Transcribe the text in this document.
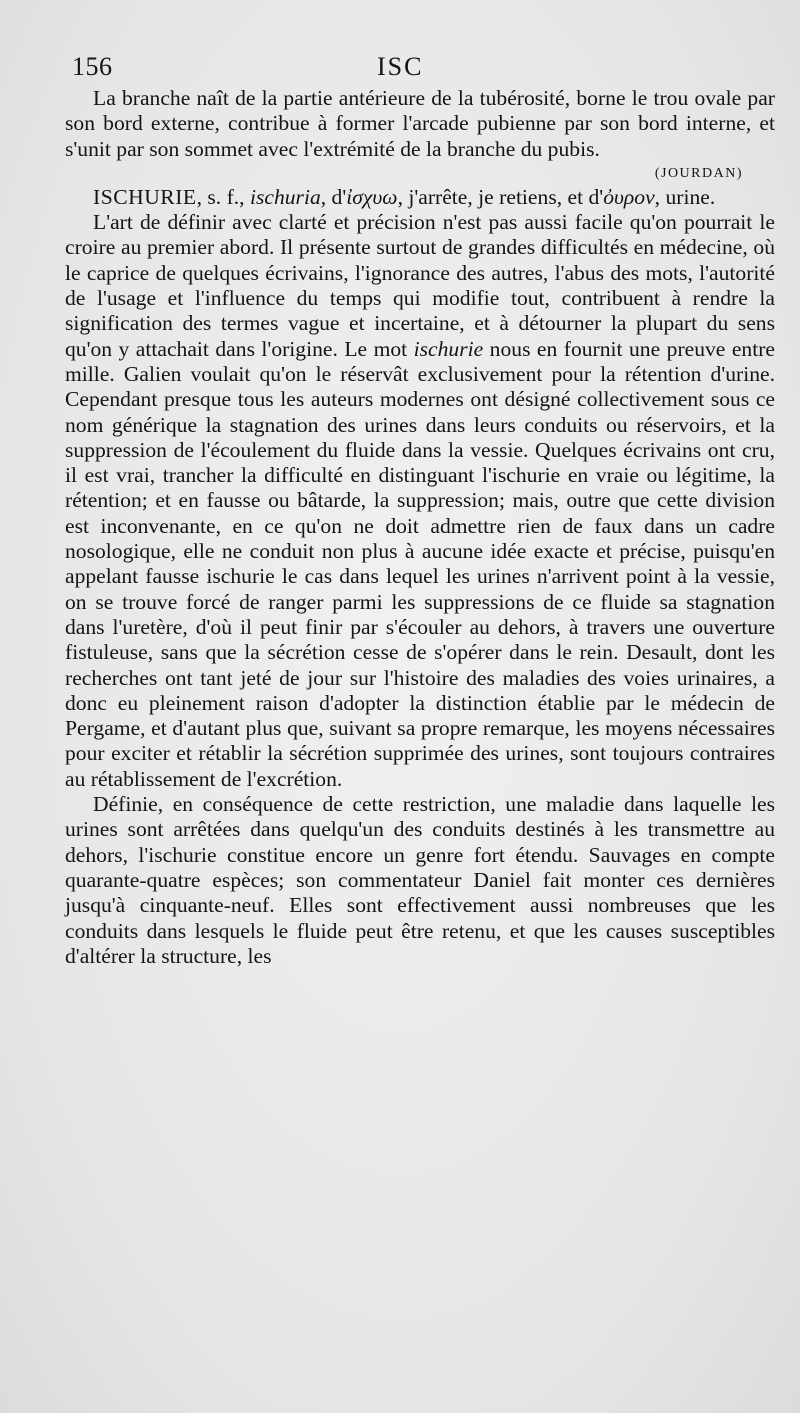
156	ISC

La branche naît de la partie antérieure de la tubérosité, borne le trou ovale par son bord externe, contribue à former l'arcade pubienne par son bord interne, et s'unit par son sommet avec l'extrémité de la branche du pubis.

(JOURDAN)

ISCHURIE, s. f., ischuria, d'ἰσχυω, j'arrête, je retiens, et d'ὀυρον, urine.

L'art de définir avec clarté et précision n'est pas aussi facile qu'on pourrait le croire au premier abord. Il présente surtout de grandes difficultés en médecine, où le caprice de quelques écrivains, l'ignorance des autres, l'abus des mots, l'autorité de l'usage et l'influence du temps qui modifie tout, contribuent à rendre la signification des termes vague et incertaine, et à détourner la plupart du sens qu'on y attachait dans l'origine. Le mot ischurie nous en fournit une preuve entre mille. Galien voulait qu'on le réservât exclusivement pour la rétention d'urine. Cependant presque tous les auteurs modernes ont désigné collectivement sous ce nom générique la stagnation des urines dans leurs conduits ou réservoirs, et la suppression de l'écoulement du fluide dans la vessie. Quelques écrivains ont cru, il est vrai, trancher la difficulté en distinguant l'ischurie en vraie ou légitime, la rétention; et en fausse ou bâtarde, la suppression; mais, outre que cette division est inconvenante, en ce qu'on ne doit admettre rien de faux dans un cadre nosologique, elle ne conduit non plus à aucune idée exacte et précise, puisqu'en appelant fausse ischurie le cas dans lequel les urines n'arrivent point à la vessie, on se trouve forcé de ranger parmi les suppressions de ce fluide sa stagnation dans l'uretère, d'où il peut finir par s'écouler au dehors, à travers une ouverture fistuleuse, sans que la sécrétion cesse de s'opérer dans le rein. Desault, dont les recherches ont tant jeté de jour sur l'histoire des maladies des voies urinaires, a donc eu pleinement raison d'adopter la distinction établie par le médecin de Pergame, et d'autant plus que, suivant sa propre remarque, les moyens nécessaires pour exciter et rétablir la sécrétion supprimée des urines, sont toujours contraires au rétablissement de l'excrétion.

Définie, en conséquence de cette restriction, une maladie dans laquelle les urines sont arrêtées dans quelqu'un des conduits destinés à les transmettre au dehors, l'ischurie constitue encore un genre fort étendu. Sauvages en compte quarante-quatre espèces; son commentateur Daniel fait monter ces dernières jusqu'à cinquante-neuf. Elles sont effectivement aussi nombreuses que les conduits dans lesquels le fluide peut être retenu, et que les causes susceptibles d'altérer la structure, les
